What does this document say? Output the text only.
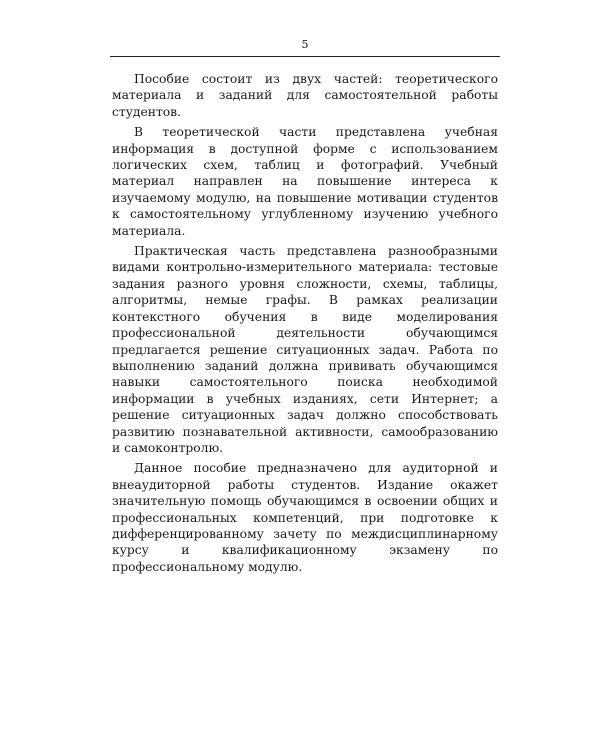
5

Пособие состоит из двух частей: теоретического материала и заданий для самостоятельной работы студентов.

В теоретической части представлена учебная информация в доступной форме с использованием логических схем, таблиц и фотографий. Учебный материал направлен на повышение интереса к изучаемому модулю, на повышение мотивации студентов к самостоятельному углубленному изучению учебного материала.

Практическая часть представлена разнообразными видами контрольно-измерительного материала: тестовые задания разного уровня сложности, схемы, таблицы, алгоритмы, немые графы. В рамках реализации контекстного обучения в виде моделирования профессиональной деятельности обучающимся предлагается решение ситуационных задач. Работа по выполнению заданий должна прививать обучающимся навыки самостоятельного поиска необходимой информации в учебных изданиях, сети Интернет; а решение ситуационных задач должно способствовать развитию познавательной активности, самообразованию и самоконтролю.

Данное пособие предназначено для аудиторной и внеаудиторной работы студентов. Издание окажет значительную помощь обучающимся в освоении общих и профессиональных компетенций, при подготовке к дифференцированному зачету по междисциплинарному курсу и квалификационному экзамену по профессиональному модулю.
